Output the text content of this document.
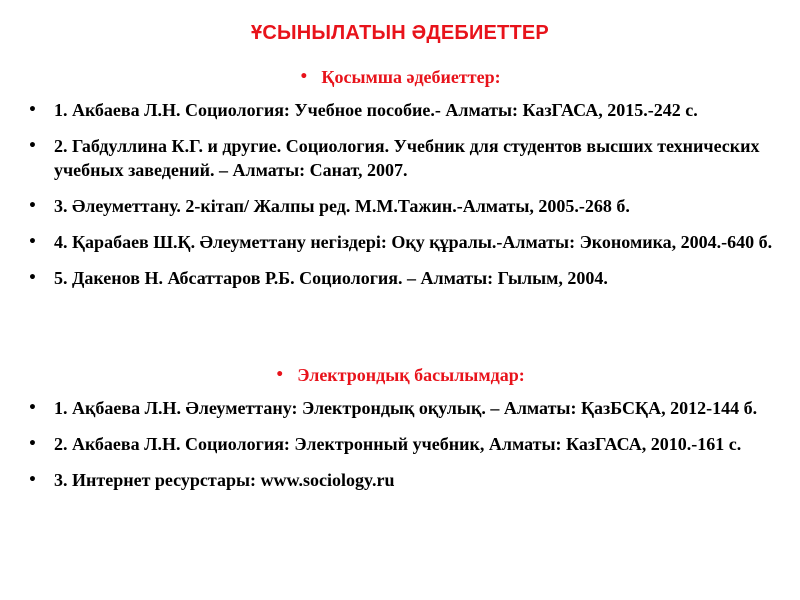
ҰСЫНЫЛАТЫН ӘДЕБИЕТТЕР
• Қосымша әдебиеттер:
• 1. Акбаева Л.Н. Социология: Учебное пособие.- Алматы: КазГАСА, 2015.-242 с.
• 2. Габдуллина К.Г. и другие. Социология. Учебник для студентов высших технических учебных заведений. – Алматы: Санат, 2007.
• 3. Әлеуметтану. 2-кітап/ Жалпы ред. М.М.Тажин.-Алматы, 2005.-268 б.
• 4. Қарабаев Ш.Қ. Әлеуметтану негіздері: Оқу құралы.-Алматы: Экономика, 2004.-640 б.
• 5. Дакенов Н. Абсаттаров Р.Б. Социология. – Алматы: Гылым, 2004.
• Электрондық басылымдар:
• 1. Ақбаева Л.Н. Әлеуметтану: Электрондық оқулық. – Алматы: ҚазБСҚА, 2012-144 б.
• 2. Акбаева Л.Н. Социология: Электронный учебник, Алматы: КазГАСА, 2010.-161 с.
• 3. Интернет ресурстары: www.sociology.ru
